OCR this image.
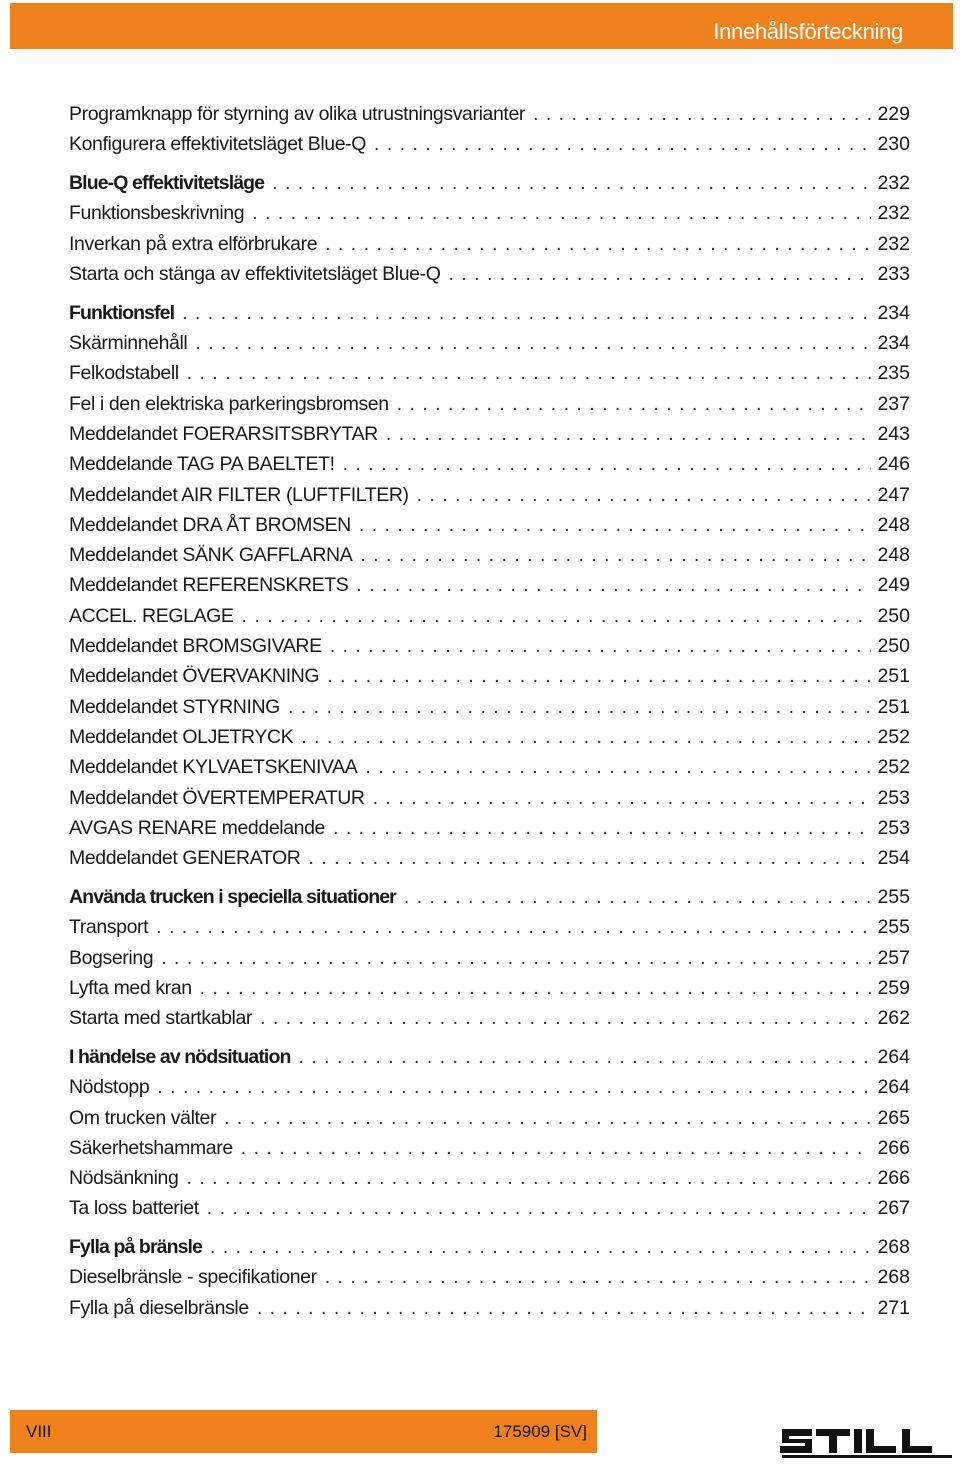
Innehållsförteckning
Programknapp för styrning av olika utrustningsvarianter . . .	229
Konfigurera effektivitetsläget Blue-Q . . .	230
Blue-Q effektivitetsläge . . .	232
Funktionsbeskrivning . . .	232
Inverkan på extra elförbrukare . . .	232
Starta och stänga av effektivitetsläget Blue-Q . . .	233
Funktionsfel . . .	234
Skärminnehåll . . .	234
Felkodstabell . . .	235
Fel i den elektriska parkeringsbromsen . . .	237
Meddelandet FOERARSITSBRYTAR . . .	243
Meddelande TAG PA BAELTET! . . .	246
Meddelandet AIR FILTER (LUFTFILTER) . . .	247
Meddelandet DRA ÅT BROMSEN . . .	248
Meddelandet SÄNK GAFFLARNA . . .	248
Meddelandet REFERENSKRETS . . .	249
ACCEL. REGLAGE . . .	250
Meddelandet BROMSGIVARE . . .	250
Meddelandet ÖVERVAKNING . . .	251
Meddelandet STYRNING . . .	251
Meddelandet OLJETRYCK . . .	252
Meddelandet KYLVAETSKENIVAA . . .	252
Meddelandet ÖVERTEMPERATUR . . .	253
AVGAS RENARE meddelande . . .	253
Meddelandet GENERATOR . . .	254
Använda trucken i speciella situationer . . .	255
Transport . . .	255
Bogsering . . .	257
Lyfta med kran . . .	259
Starta med startkablar . . .	262
I händelse av nödsituation . . .	264
Nödstopp . . .	264
Om trucken välter . . .	265
Säkerhetshammare . . .	266
Nödsänkning . . .	266
Ta loss batteriet . . .	267
Fylla på bränsle . . .	268
Dieselbränsle - specifikationer . . .	268
Fylla på dieselbränsle . . .	271
VIII	175909 [SV]
